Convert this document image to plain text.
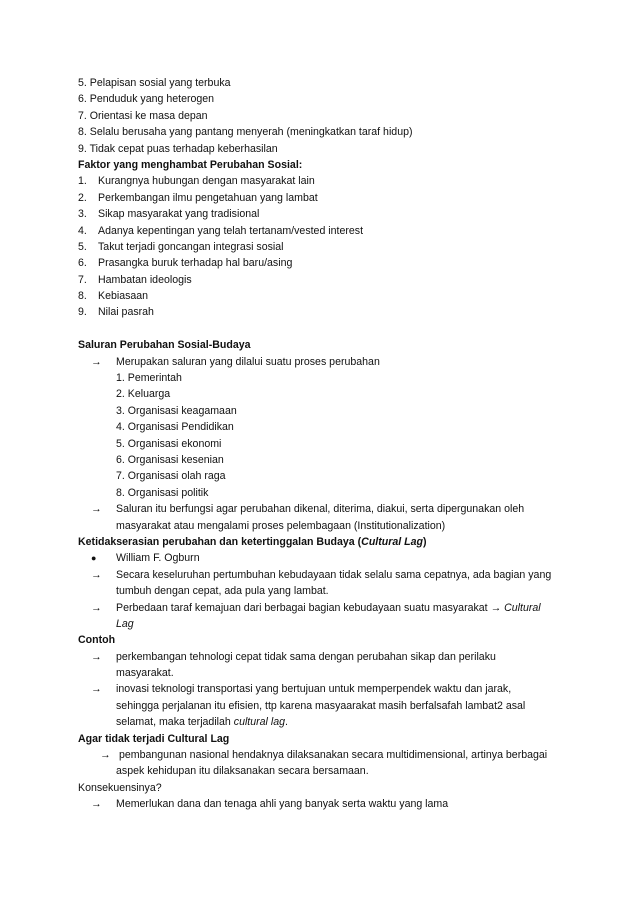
5. Pelapisan sosial yang terbuka
6. Penduduk yang heterogen
7. Orientasi ke masa depan
8. Selalu berusaha yang pantang menyerah (meningkatkan taraf hidup)
9. Tidak cepat puas terhadap keberhasilan
Faktor yang menghambat Perubahan Sosial:
1. Kurangnya hubungan dengan masyarakat lain
2. Perkembangan ilmu pengetahuan yang lambat
3. Sikap masyarakat yang tradisional
4. Adanya kepentingan yang telah tertanam/vested interest
5. Takut terjadi goncangan integrasi sosial
6. Prasangka buruk terhadap hal baru/asing
7. Hambatan ideologis
8. Kebiasaan
9. Nilai pasrah
Saluran Perubahan Sosial-Budaya
→ Merupakan saluran yang dilalui suatu proses perubahan
1. Pemerintah
2. Keluarga
3. Organisasi keagamaan
4. Organisasi Pendidikan
5. Organisasi ekonomi
6. Organisasi kesenian
7. Organisasi olah raga
8. Organisasi politik
→ Saluran itu berfungsi agar perubahan dikenal, diterima, diakui, serta dipergunakan oleh
masyarakat atau mengalami proses pelembagaan (Institutionalization)
Ketidakserasian perubahan dan ketertinggalan Budaya (Cultural Lag)
● William F. Ogburn
→ Secara keseluruhan pertumbuhan kebudayaan tidak selalu sama cepatnya, ada bagian yang
tumbuh dengan cepat, ada pula yang lambat.
→ Perbedaan taraf kemajuan dari berbagai bagian kebudayaan suatu masyarakat → Cultural
Lag
Contoh
→ perkembangan tehnologi cepat tidak sama dengan perubahan sikap dan perilaku
masyarakat.
→ inovasi teknologi transportasi yang bertujuan untuk memperpendek waktu dan jarak,
sehingga perjalanan itu efisien, ttp karena masyaarakat masih berfalsafah lambat2 asal
selamat, maka terjadilah cultural lag.
Agar tidak terjadi Cultural Lag
→ pembangunan nasional hendaknya dilaksanakan secara multidimensional, artinya berbagai
aspek kehidupan itu dilaksanakan secara bersamaan.
Konsekuensinya?
→ Memerlukan dana dan tenaga ahli yang banyak serta waktu yang lama
